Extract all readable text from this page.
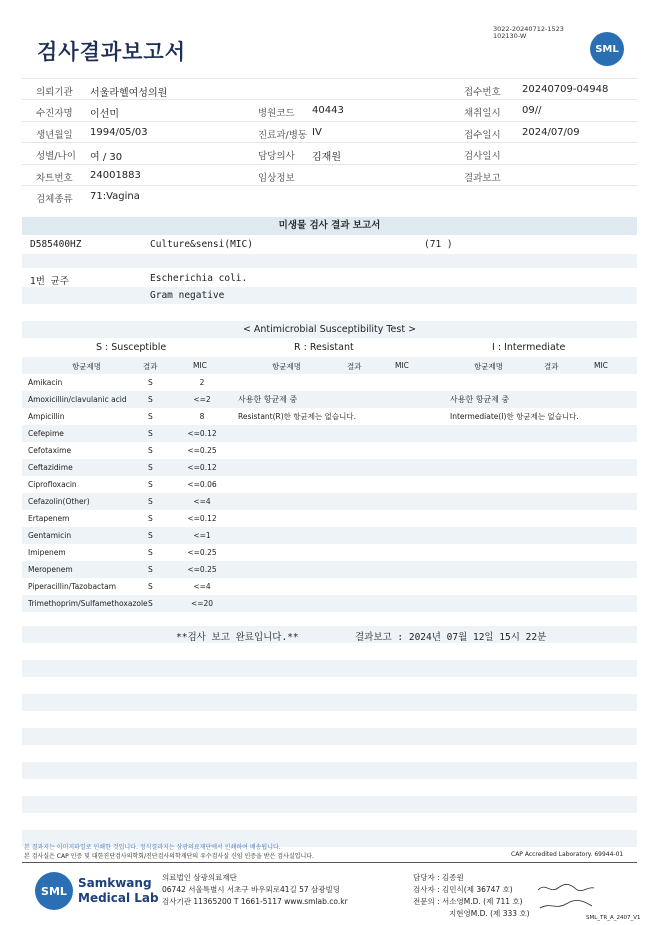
3022-20240712-1523
102130-W
검사결과보고서	SML
의뢰기관 서울라헬여성의원	접수번호 20240709-04948
수진자명 이선미	병원코드 40443	채취일시 09//
생년월일 1994/05/03	진료과/병동 IV	접수일시 2024/07/09
성별/나이 여 / 30	담당의사 김재원	검사일시
차트번호 24001883	임상정보	결과보고
검체종류 71:Vagina
미생물 검사 결과 보고서
D585400HZ	Culture&sensi(MIC)	(71 )
1번 균주	Escherichia coli.
Gram negative
< Antimicrobial Susceptibility Test >
S : Susceptible	R : Resistant	I : Intermediate
항균제명	결과	MIC	항균제명	결과	MIC	항균제명	결과	MIC
Amikacin	S	2
Amoxicillin/clavulanic acid	S	<=2
Ampicillin	S	8
Cefepime	S	<=0.12
Cefotaxime	S	<=0.25
Ceftazidime	S	<=0.12
Ciprofloxacin	S	<=0.06
Cefazolin(Other)	S	<=4
Ertapenem	S	<=0.12
Gentamicin	S	<=1
Imipenem	S	<=0.25
Meropenem	S	<=0.25
Piperacillin/Tazobactam	S	<=4
Trimethoprim/Sulfamethoxazole S	<=20
사용한 항균제 중
Resistant(R)한 항균제는 없습니다.
사용한 항균제 중
Intermediate(I)한 항균제는 없습니다.
**검사 보고 완료입니다.**	결과보고 : 2024년 07월 12일 15시 22분
본 결과지는 이미지파일로 인쇄한 것입니다. 정식결과지는 삼광의료재단에서 인쇄하여 배송됩니다.
본 검사실은 CAP 인증 및 대한진단검사의학회/진단검사의학재단의 우수검사실 신임 인증을 받은 검사실입니다.	CAP Accredited Laboratory. 69944-01
SML
Samkwang
Medical Lab
의료법인 삼광의료재단
06742 서울특별시 서초구 바우뫼로41길 57 삼광빌딩
검사기관 11365200 T 1661-5117 www.smlab.co.kr
담당자 : 김종원
검사자 : 김민식(제 36747 호)
전문의 : 서소영M.D. (제 711 호)
지현영M.D. (제 333 호)	SML_TR_A_2407_V1
